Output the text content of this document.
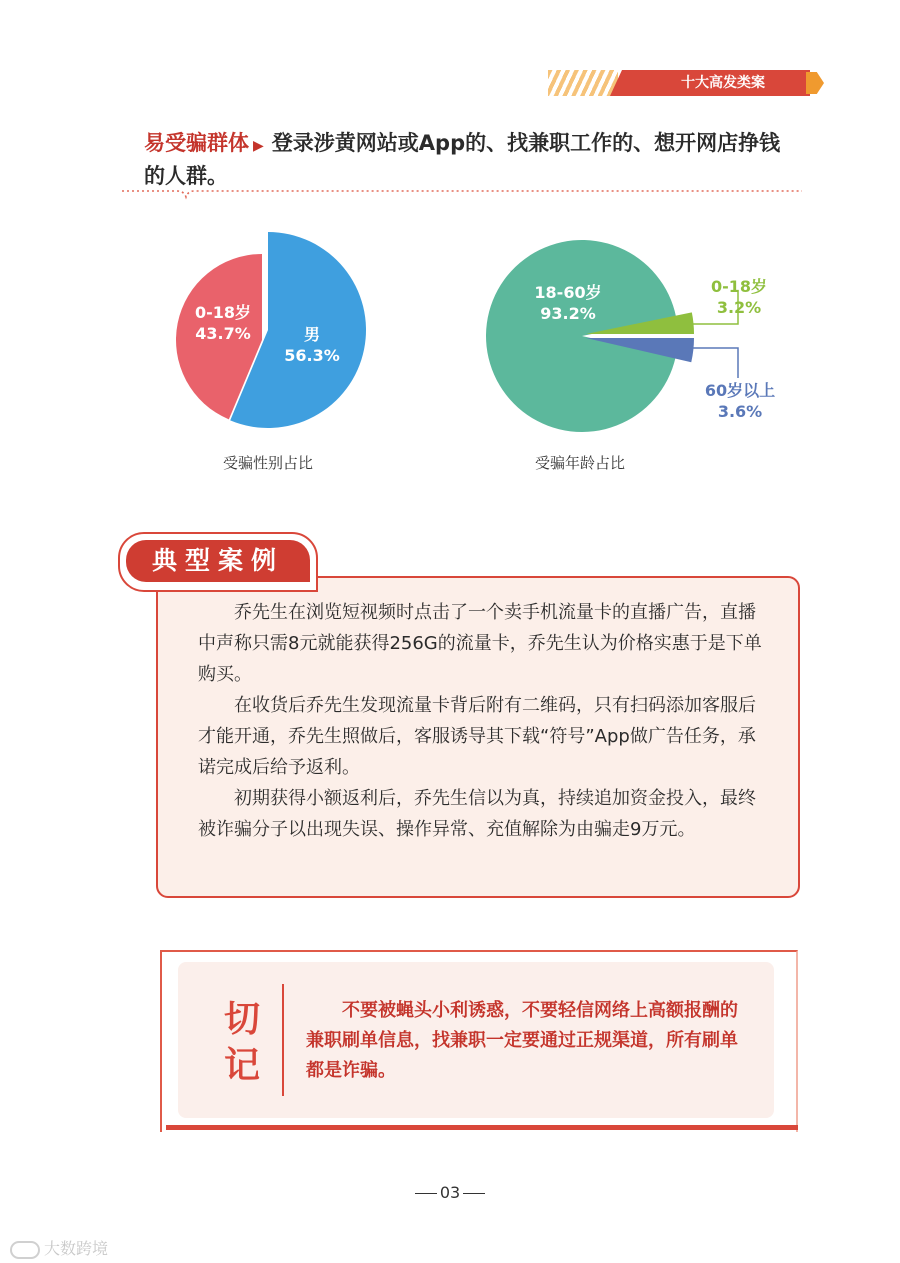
十大高发类案
易受骗群体 ▶ 登录涉黄网站或App的、找兼职工作的、想开网店挣钱的人群。
0-18岁
43.7%	男
56.3%
受骗性别占比
18-60岁
93.2%
0-18岁
3.2%
60岁以上
3.6%
受骗年龄占比
典型案例

乔先生在浏览短视频时点击了一个卖手机流量卡的直播广告，直播中声称只需8元就能获得256G的流量卡，乔先生认为价格实惠于是下单购买。

在收货后乔先生发现流量卡背后附有二维码，只有扫码添加客服后才能开通，乔先生照做后，客服诱导其下载“符号”App做广告任务，承诺完成后给予返利。

初期获得小额返利后，乔先生信以为真，持续追加资金投入，最终被诈骗分子以出现失误、操作异常、充值解除为由骗走9万元。

切
记

不要被蝇头小利诱惑，不要轻信网络上高额报酬的兼职刷单信息，找兼职一定要通过正规渠道，所有刷单都是诈骗。

03
大数跨境
